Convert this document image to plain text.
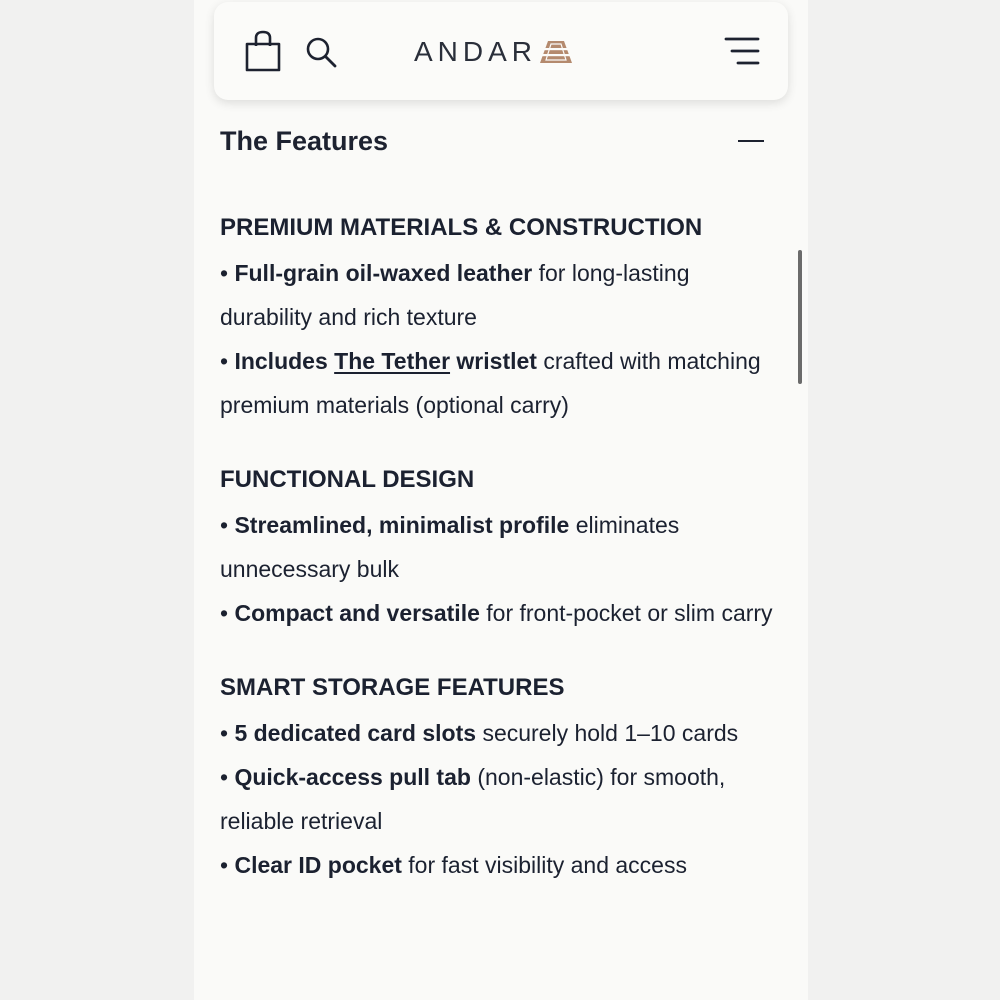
ANDAR
The Features

PREMIUM MATERIALS & CONSTRUCTION

• Full-grain oil-waxed leather for long-lasting durability and rich texture

• Includes The Tether wristlet crafted with matching premium materials (optional carry)

FUNCTIONAL DESIGN

• Streamlined, minimalist profile eliminates unnecessary bulk

• Compact and versatile for front-pocket or slim carry

SMART STORAGE FEATURES

• 5 dedicated card slots securely hold 1–10 cards

• Quick-access pull tab (non-elastic) for smooth, reliable retrieval

• Clear ID pocket for fast visibility and access
